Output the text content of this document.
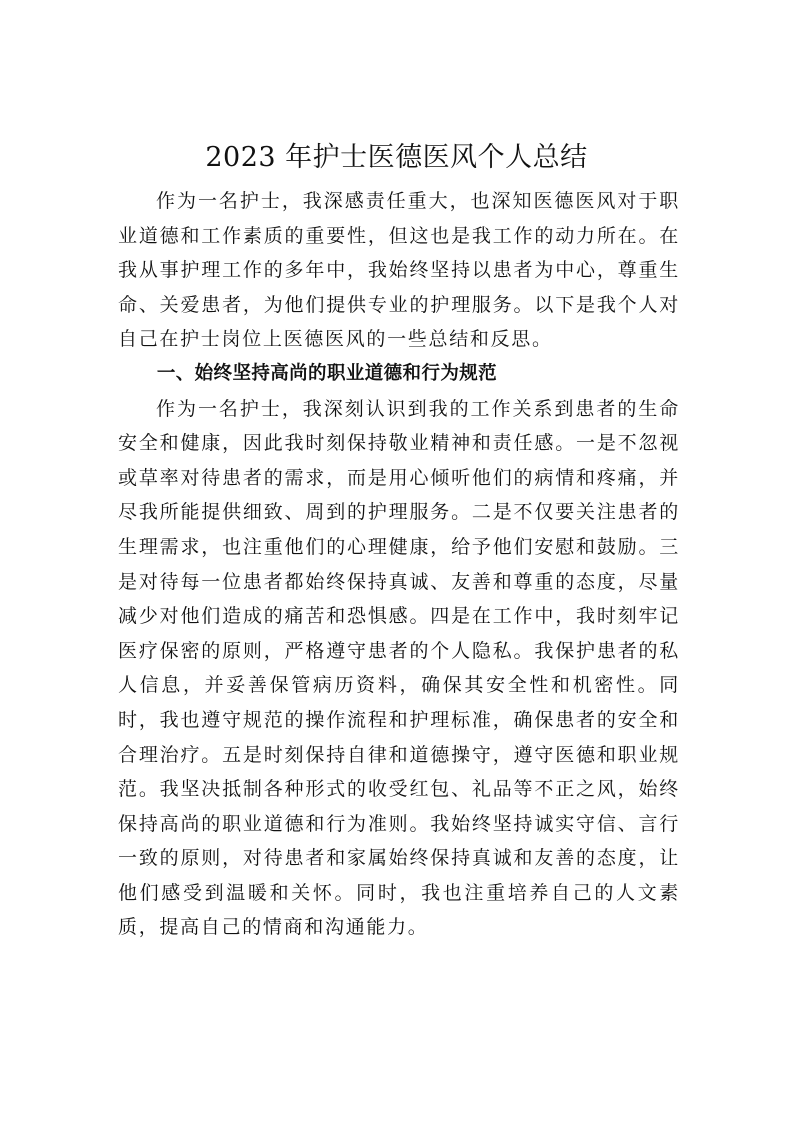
2023 年护士医德医风个人总结

作为一名护士，我深感责任重大，也深知医德医风对于职业道德和工作素质的重要性，但这也是我工作的动力所在。在我从事护理工作的多年中，我始终坚持以患者为中心，尊重生命、关爱患者，为他们提供专业的护理服务。以下是我个人对自己在护士岗位上医德医风的一些总结和反思。

一、始终坚持高尚的职业道德和行为规范

作为一名护士，我深刻认识到我的工作关系到患者的生命安全和健康，因此我时刻保持敬业精神和责任感。一是不忽视或草率对待患者的需求，而是用心倾听他们的病情和疼痛，并尽我所能提供细致、周到的护理服务。二是不仅要关注患者的生理需求，也注重他们的心理健康，给予他们安慰和鼓励。三是对待每一位患者都始终保持真诚、友善和尊重的态度，尽量减少对他们造成的痛苦和恐惧感。四是在工作中，我时刻牢记医疗保密的原则，严格遵守患者的个人隐私。我保护患者的私人信息，并妥善保管病历资料，确保其安全性和机密性。同时，我也遵守规范的操作流程和护理标准，确保患者的安全和合理治疗。五是时刻保持自律和道德操守，遵守医德和职业规范。我坚决抵制各种形式的收受红包、礼品等不正之风，始终保持高尚的职业道德和行为准则。我始终坚持诚实守信、言行一致的原则，对待患者和家属始终保持真诚和友善的态度，让他们感受到温暖和关怀。同时，我也注重培养自己的人文素质，提高自己的情商和沟通能力。
